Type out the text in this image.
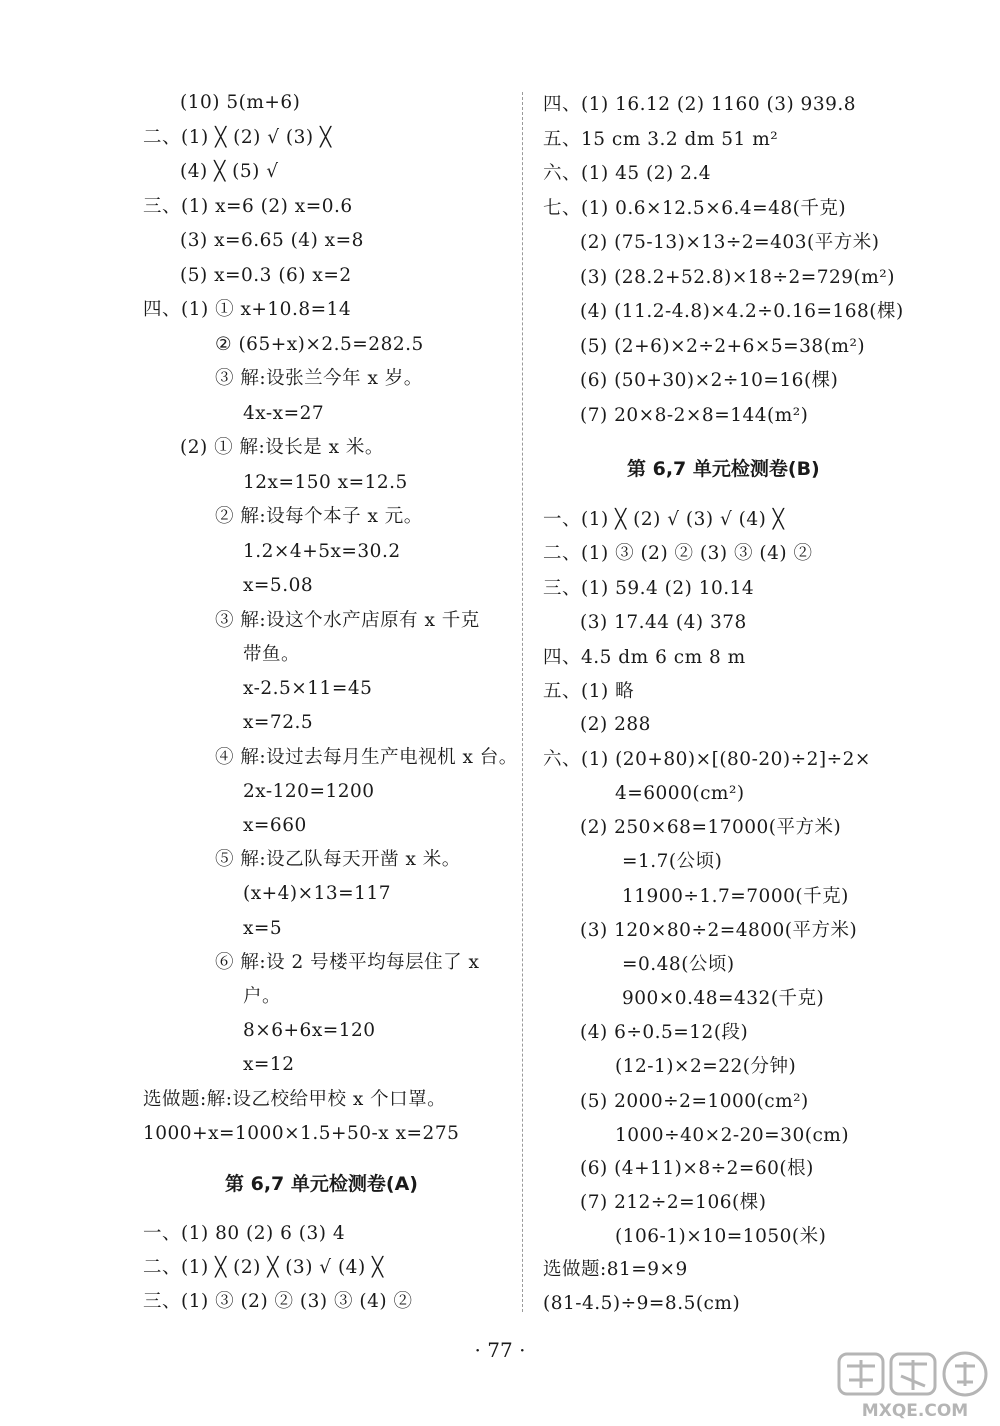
(10) 5(m+6)
二、(1) ╳ (2) √ (3) ╳
(4) ╳ (5) √
三、(1) x=6 (2) x=0.6
(3) x=6.65 (4) x=8
(5) x=0.3 (6) x=2
四、(1) ① x+10.8=14
② (65+x)×2.5=282.5
③ 解:设张兰今年 x 岁。
4x-x=27
(2) ① 解:设长是 x 米。
12x=150 x=12.5
② 解:设每个本子 x 元。
1.2×4+5x=30.2
x=5.08
③ 解:设这个水产店原有 x 千克
带鱼。
x-2.5×11=45
x=72.5
④ 解:设过去每月生产电视机 x 台。
2x-120=1200
x=660
⑤ 解:设乙队每天开凿 x 米。
(x+4)×13=117
x=5
⑥ 解:设 2 号楼平均每层住了 x
户。
8×6+6x=120
x=12
选做题:解:设乙校给甲校 x 个口罩。
1000+x=1000×1.5+50-x x=275
第 6,7 单元检测卷(A)
一、(1) 80 (2) 6 (3) 4
二、(1) ╳ (2) ╳ (3) √ (4) ╳
三、(1) ③ (2) ② (3) ③ (4) ②
四、(1) 16.12 (2) 1160 (3) 939.8
五、15 cm 3.2 dm 51 m²
六、(1) 45 (2) 2.4
七、(1) 0.6×12.5×6.4=48(千克)
(2) (75-13)×13÷2=403(平方米)
(3) (28.2+52.8)×18÷2=729(m²)
(4) (11.2-4.8)×4.2÷0.16=168(棵)
(5) (2+6)×2÷2+6×5=38(m²)
(6) (50+30)×2÷10=16(棵)
(7) 20×8-2×8=144(m²)
第 6,7 单元检测卷(B)
一、(1) ╳ (2) √ (3) √ (4) ╳
二、(1) ③ (2) ② (3) ③ (4) ②
三、(1) 59.4 (2) 10.14
(3) 17.44 (4) 378
四、4.5 dm 6 cm 8 m
五、(1) 略
(2) 288
六、(1) (20+80)×[(80-20)÷2]÷2×
4=6000(cm²)
(2) 250×68=17000(平方米)
=1.7(公顷)
11900÷1.7=7000(千克)
(3) 120×80÷2=4800(平方米)
=0.48(公顷)
900×0.48=432(千克)
(4) 6÷0.5=12(段)
(12-1)×2=22(分钟)
(5) 2000÷2=1000(cm²)
1000÷40×2-20=30(cm)
(6) (4+11)×8÷2=60(根)
(7) 212÷2=106(棵)
(106-1)×10=1050(米)
选做题:81=9×9
(81-4.5)÷9=8.5(cm)
· 77 ·
MXQE.COM
